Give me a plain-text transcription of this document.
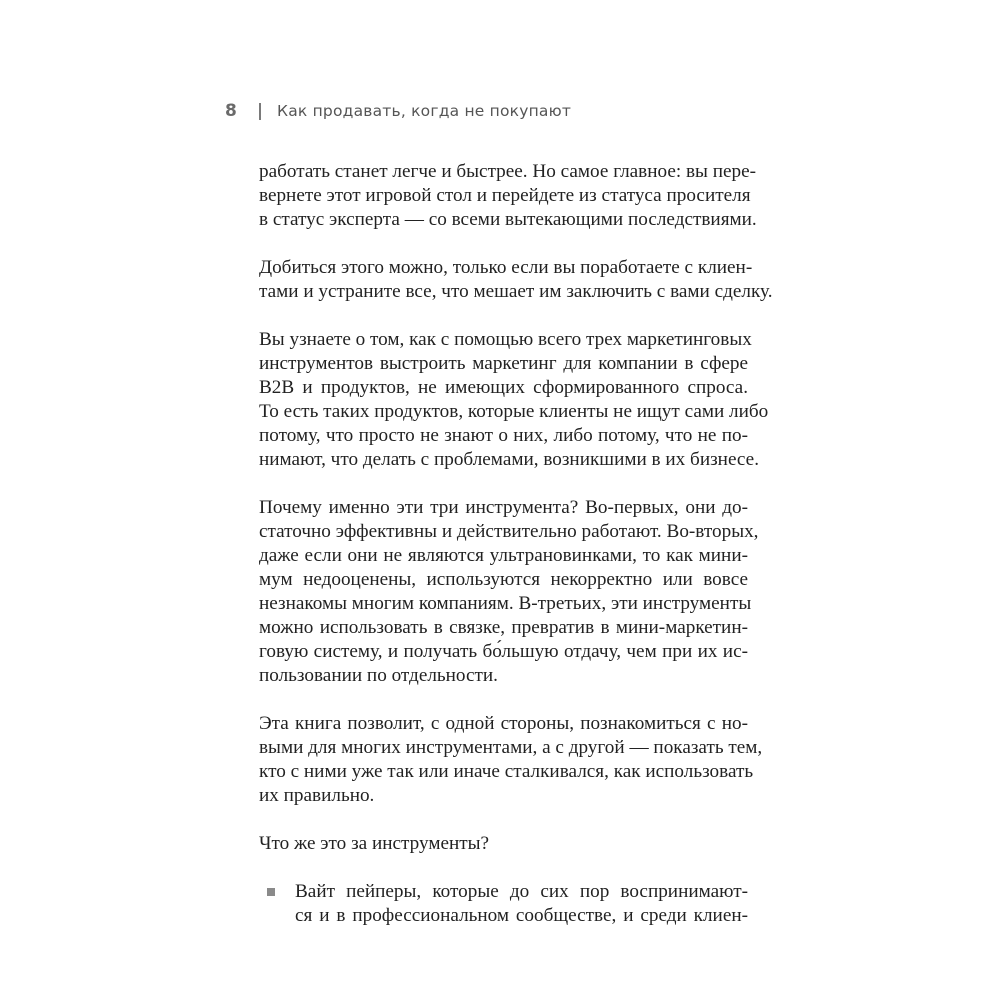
8	Как продавать, когда не покупают

работать станет легче и быстрее. Но самое главное: вы пере-
вернете этот игровой стол и перейдете из статуса просителя
в статус эксперта — со всеми вытекающими последствиями.

Добиться этого можно, только если вы поработаете с клиен-
тами и устраните все, что мешает им заключить с вами сделку.

Вы узнаете о том, как с помощью всего трех маркетинговых
инструментов выстроить маркетинг для компании в сфере
B2B и продуктов, не имеющих сформированного спроса.
То есть таких продуктов, которые клиенты не ищут сами либо
потому, что просто не знают о них, либо потому, что не по-
нимают, что делать с проблемами, возникшими в их бизнесе.

Почему именно эти три инструмента? Во-первых, они до-
статочно эффективны и действительно работают. Во-вторых,
даже если они не являются ультрановинками, то как мини-
мум недооценены, используются некорректно или вовсе
незнакомы многим компаниям. В-третьих, эти инструменты
можно использовать в связке, превратив в мини-маркетин-
говую систему, и получать бо́льшую отдачу, чем при их ис-
пользовании по отдельности.

Эта книга позволит, с одной стороны, познакомиться с но-
выми для многих инструментами, а с другой — показать тем,
кто с ними уже так или иначе сталкивался, как использовать
их правильно.

Что же это за инструменты?

Вайт пейперы, которые до сих пор воспринимают-
ся и в профессиональном сообществе, и среди клиен-
